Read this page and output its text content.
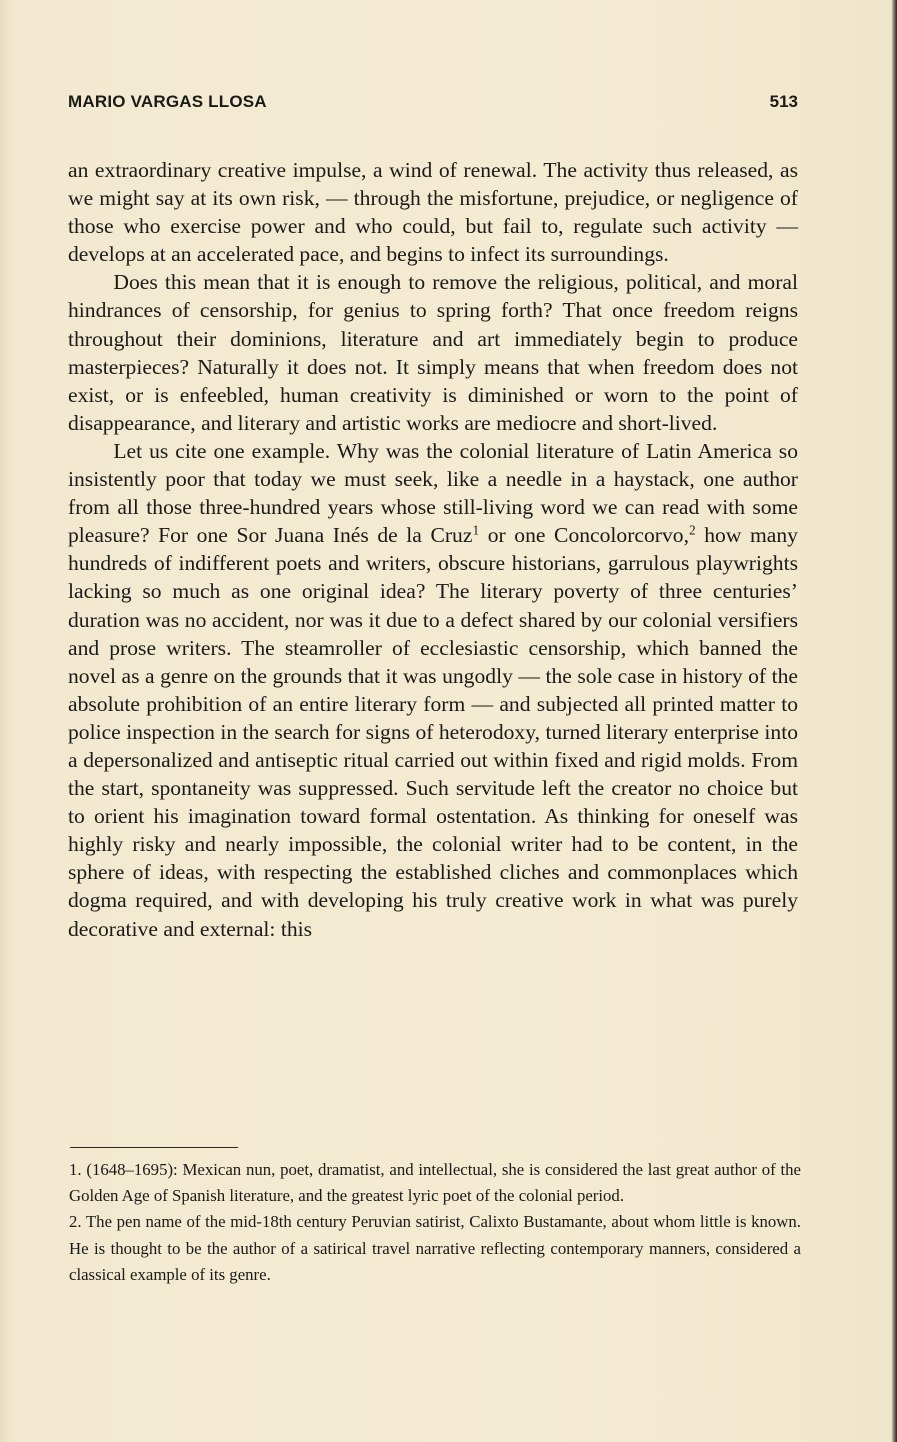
MARIO VARGAS LLOSA	513

an extraordinary creative impulse, a wind of renewal. The activity thus released, as we might say at its own risk, — through the misfortune, prejudice, or negligence of those who exercise power and who could, but fail to, regulate such activity — develops at an accelerated pace, and begins to infect its surroundings.

Does this mean that it is enough to remove the religious, political, and moral hindrances of censorship, for genius to spring forth? That once freedom reigns throughout their dominions, literature and art immediately begin to produce masterpieces? Naturally it does not. It simply means that when freedom does not exist, or is enfeebled, human creativity is diminished or worn to the point of disappearance, and literary and artistic works are mediocre and short-lived.

Let us cite one example. Why was the colonial literature of Latin America so insistently poor that today we must seek, like a needle in a haystack, one author from all those three-hundred years whose still-living word we can read with some pleasure? For one Sor Juana Inés de la Cruz$^1$ or one Concolorcorvo,$^2$ how many hundreds of indifferent poets and writers, obscure historians, garrulous playwrights lacking so much as one original idea? The literary poverty of three centuries’ duration was no accident, nor was it due to a defect shared by our colonial versifiers and prose writers. The steamroller of ecclesiastic censorship, which banned the novel as a genre on the grounds that it was ungodly — the sole case in history of the absolute prohibition of an entire literary form — and subjected all printed matter to police inspection in the search for signs of heterodoxy, turned literary enterprise into a depersonalized and antiseptic ritual carried out within fixed and rigid molds. From the start, spontaneity was suppressed. Such servitude left the creator no choice but to orient his imagination toward formal ostentation. As thinking for oneself was highly risky and nearly impossible, the colonial writer had to be content, in the sphere of ideas, with respecting the established cliches and commonplaces which dogma required, and with developing his truly creative work in what was purely decorative and external: this

1. (1648–1695): Mexican nun, poet, dramatist, and intellectual, she is considered the last great author of the Golden Age of Spanish literature, and the greatest lyric poet of the colonial period.

2. The pen name of the mid-18th century Peruvian satirist, Calixto Bustamante, about whom little is known. He is thought to be the author of a satirical travel narrative reflecting contemporary manners, considered a classical example of its genre.
